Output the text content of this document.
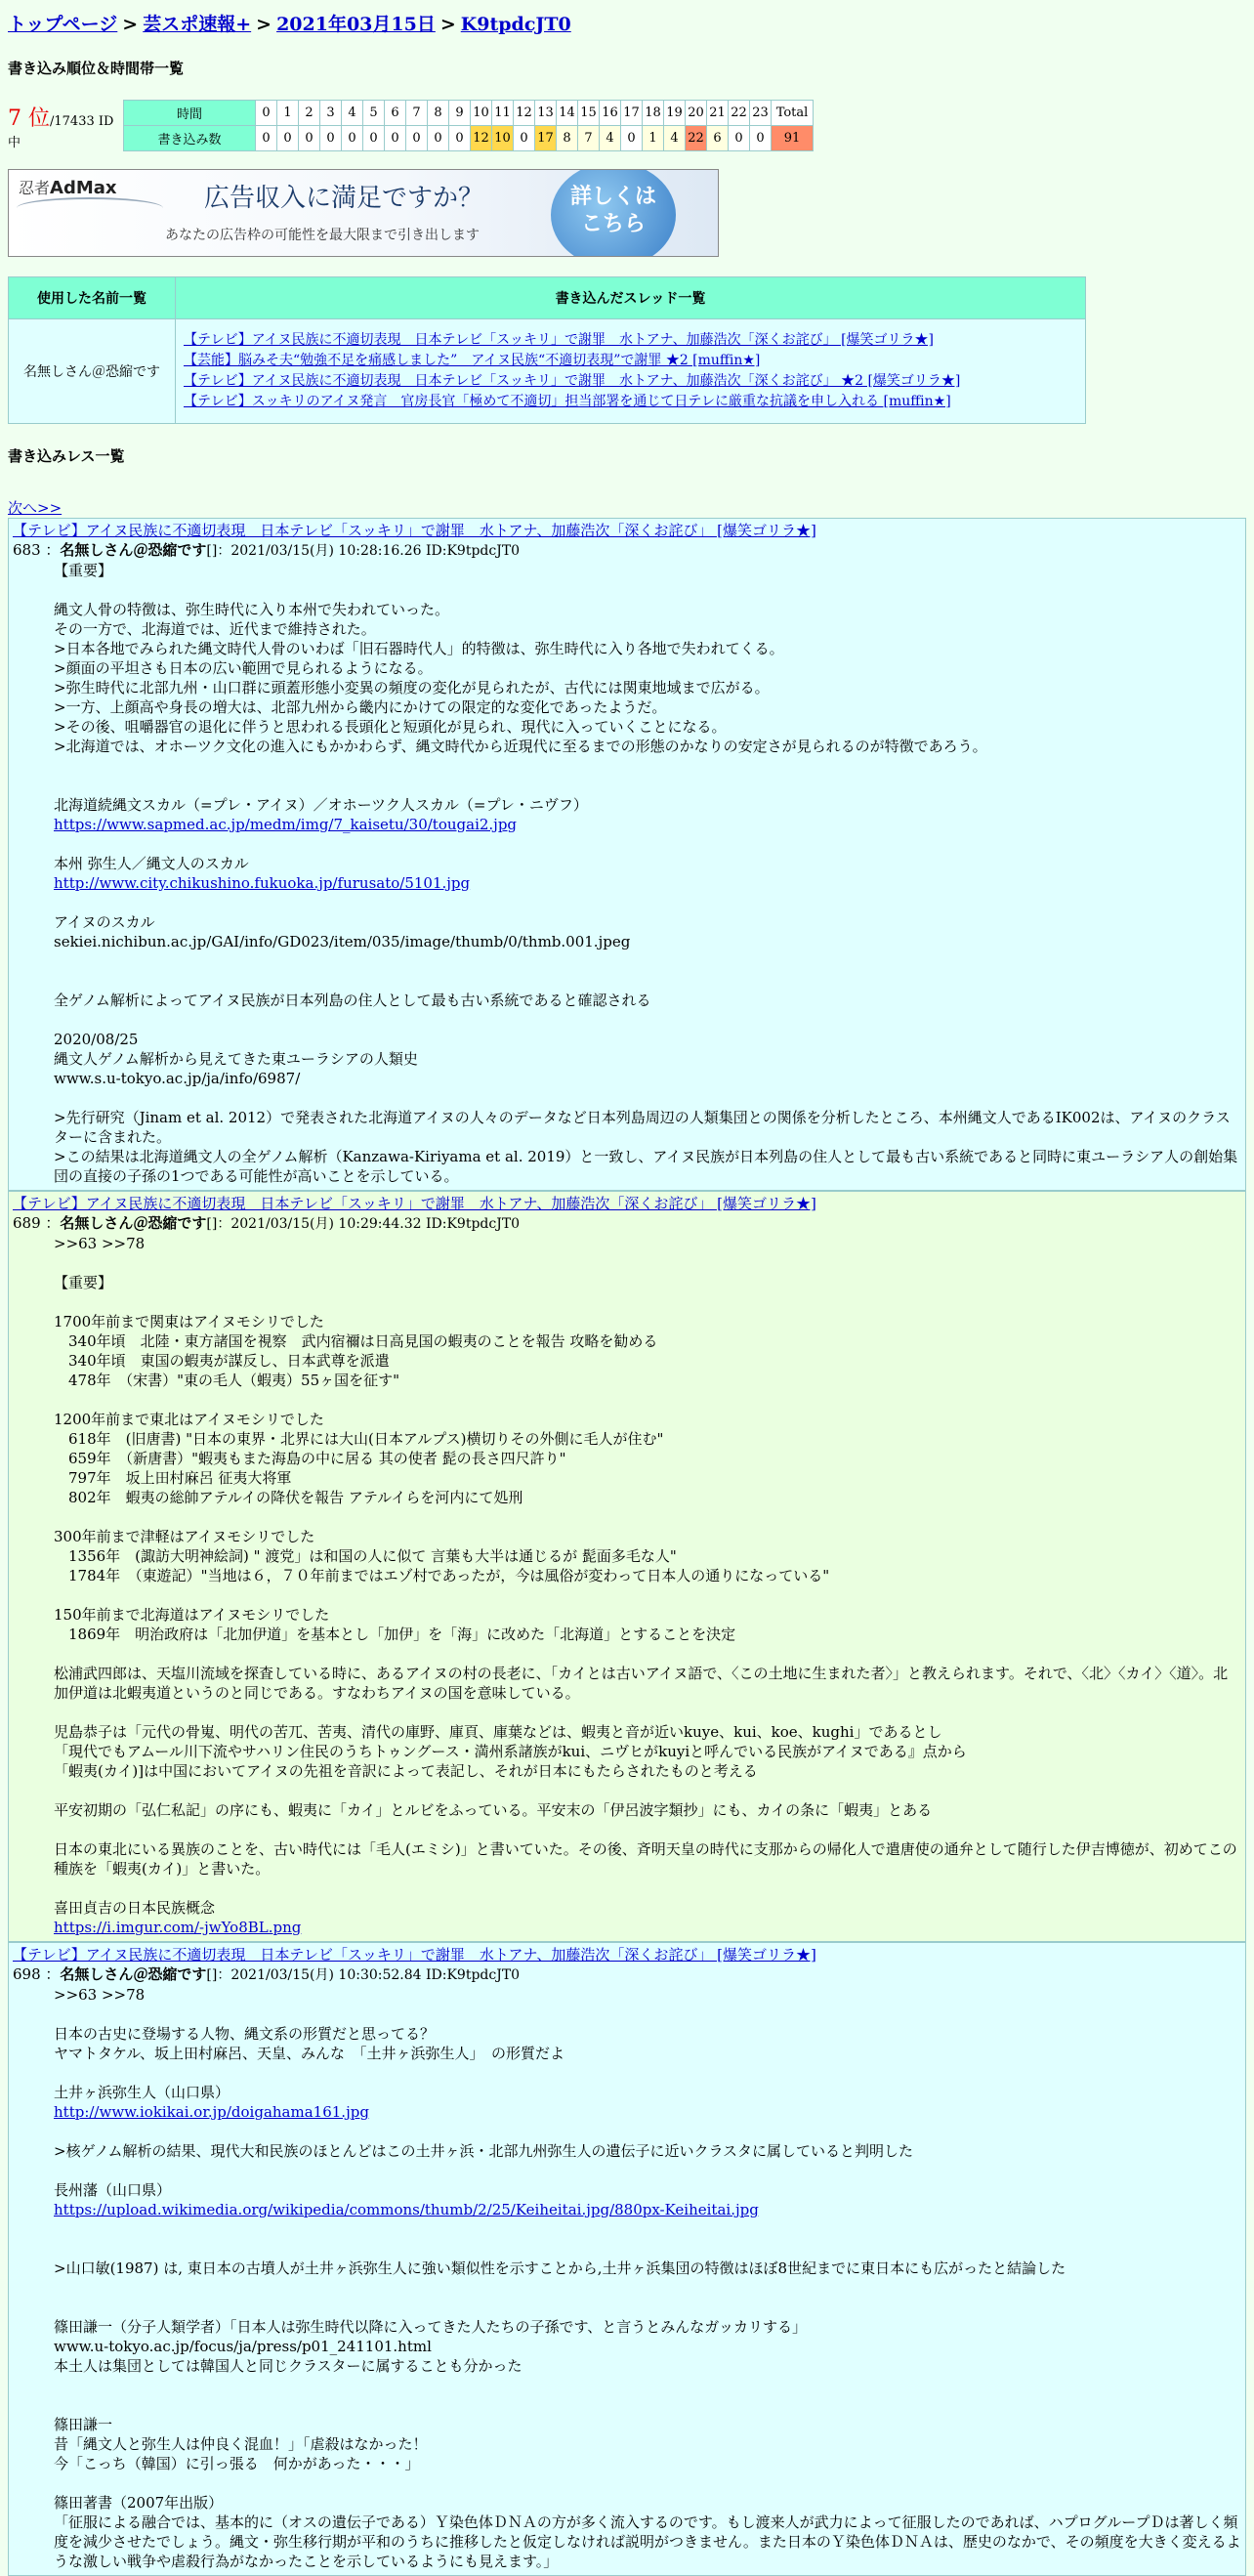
トップページ > 芸スポ速報+ > 2021年03月15日 > K9tpdcJT0
書き込み順位＆時間帯一覧
7 位/17433 ID中	時間	0	1	2	3	4	5	6	7	8	9	10	11	12	13	14	15	16	17	18	19	20	21	22	23	Total
	書き込み数	0	0	0	0	0	0	0	0	0	0	12	10	0	17	8	7	4	0	1	4	22	6	0	0	91
忍者AdMax	広告収入に満足ですか？
あなたの広告枠の可能性を最大限まで引き出します
詳しくは
こちら
使用した名前一覧	書き込んだスレッド一覧
名無しさん＠恐縮です	【テレビ】アイヌ民族に不適切表現　日本テレビ「スッキリ」で謝罪　水トアナ、加藤浩次「深くお詫び」 [爆笑ゴリラ★]
【芸能】脳みそ夫“勉強不足を痛感しました”　アイヌ民族“不適切表現”で謝罪 ★2 [muffin★]
【テレビ】アイヌ民族に不適切表現　日本テレビ「スッキリ」で謝罪　水トアナ、加藤浩次「深くお詫び」 ★2 [爆笑ゴリラ★]
【テレビ】スッキリのアイヌ発言　官房長官「極めて不適切」担当部署を通じて日テレに厳重な抗議を申し入れる [muffin★]
書き込みレス一覧
次へ>>
【テレビ】アイヌ民族に不適切表現　日本テレビ「スッキリ」で謝罪　水トアナ、加藤浩次「深くお詫び」 [爆笑ゴリラ★]
683 ：名無しさん＠恐縮です[]：2021/03/15(月) 10:28:16.26 ID:K9tpdcJT0
【重要】

縄文人骨の特徴は、弥生時代に入り本州で失われていった。
その一方で、北海道では、近代まで維持された。
>日本各地でみられた縄文時代人骨のいわば「旧石器時代人」的特徴は、弥生時代に入り各地で失われてくる。
>顔面の平坦さも日本の広い範囲で見られるようになる。
>弥生時代に北部九州・山口群に頭蓋形態小変異の頻度の変化が見られたが、古代には関東地域まで広がる。
>一方、上顔高や身長の増大は、北部九州から畿内にかけての限定的な変化であったようだ。
>その後、咀嚼器官の退化に伴うと思われる長頭化と短頭化が見られ、現代に入っていくことになる。
>北海道では、オホーツク文化の進入にもかかわらず、縄文時代から近現代に至るまでの形態のかなりの安定さが見られるのが特徴であろう。

北海道続縄文スカル（=プレ・アイヌ）／オホーツク人スカル（=プレ・ニヴフ）
https://www.sapmed.ac.jp/medm/img/7_kaisetu/30/tougai2.jpg

本州 弥生人／縄文人のスカル
http://www.city.chikushino.fukuoka.jp/furusato/5101.jpg

アイヌのスカル
sekiei.nichibun.ac.jp/GAI/info/GD023/item/035/image/thumb/0/thmb.001.jpeg

全ゲノム解析によってアイヌ民族が日本列島の住人として最も古い系統であると確認される

2020/08/25
縄文人ゲノム解析から見えてきた東ユーラシアの人類史
www.s.u-tokyo.ac.jp/ja/info/6987/

>先行研究（Jinam et al. 2012）で発表された北海道アイヌの人々のデータなど日本列島周辺の人類集団との関係を分析したところ、本州縄文人であるIK002は、アイヌのクラスターに含まれた。
>この結果は北海道縄文人の全ゲノム解析（Kanzawa-Kiriyama et al. 2019）と一致し、アイヌ民族が日本列島の住人として最も古い系統であると同時に東ユーラシア人の創始集団の直接の子孫の1つである可能性が高いことを示している。
【テレビ】アイヌ民族に不適切表現　日本テレビ「スッキリ」で謝罪　水トアナ、加藤浩次「深くお詫び」 [爆笑ゴリラ★]
689 ：名無しさん＠恐縮です[]：2021/03/15(月) 10:29:44.32 ID:K9tpdcJT0
>>63 >>78

【重要】

1700年前まで関東はアイヌモシリでした
　340年頃　北陸・東方諸国を視察　武内宿禰は日高見国の蝦夷のことを報告 攻略を勧める
　340年頃　東国の蝦夷が謀反し、日本武尊を派遣
　478年　（宋書）"東の毛人（蝦夷）55ヶ国を征す"

1200年前まで東北はアイヌモシリでした
　618年　(旧唐書) "日本の東界・北界には大山(日本アルプス)横切りその外側に毛人が住む"
　659年　（新唐書）"蝦夷もまた海島の中に居る 其の使者 髭の長さ四尺許り"
　797年　坂上田村麻呂 征夷大将軍
　802年　蝦夷の総帥アテルイの降伏を報告 アテルイらを河内にて処刑

300年前まで津軽はアイヌモシリでした
　1356年　(諏訪大明神絵詞) " 渡党」は和国の人に似て 言葉も大半は通じるが 髭面多毛な人"
　1784年　（東遊記）"当地は６，７０年前まではエゾ村であったが，今は風俗が変わって日本人の通りになっている"

150年前まで北海道はアイヌモシリでした
　1869年　明治政府は「北加伊道」を基本とし「加伊」を「海」に改めた「北海道」とすることを決定

松浦武四郎は、天塩川流域を探査している時に、あるアイヌの村の長老に、「カイとは古いアイヌ語で、〈この土地に生まれた者〉」と教えられます。それで、〈北〉〈カイ〉〈道〉。北加伊道は北蝦夷道というのと同じである。すなわちアイヌの国を意味している。

児島恭子は「元代の骨嵬、明代の苦兀、苦夷、清代の庫野、庫頁、庫葉などは、蝦夷と音が近いkuye、kui、koe、kughi」であるとし
「現代でもアムール川下流やサハリン住民のうちトゥングース・満州系諸族がkui、ニヴヒがkuyiと呼んでいる民族がアイヌである』点から
「蝦夷(カイ)]は中国においてアイヌの先祖を音訳によって表記し、それが日本にもたらされたものと考える

平安初期の「弘仁私記」の序にも、蝦夷に「カイ」とルビをふっている。平安末の「伊呂波字類抄」にも、カイの条に「蝦夷」とある

日本の東北にいる異族のことを、古い時代には「毛人(エミシ)」と書いていた。その後、斉明天皇の時代に支那からの帰化人で遣唐使の通弁として随行した伊吉博徳が、初めてこの種族を「蝦夷(カイ)」と書いた。

喜田貞吉の日本民族概念
https://i.imgur.com/-jwYo8BL.png
【テレビ】アイヌ民族に不適切表現　日本テレビ「スッキリ」で謝罪　水トアナ、加藤浩次「深くお詫び」 [爆笑ゴリラ★]
698 ：名無しさん＠恐縮です[]：2021/03/15(月) 10:30:52.84 ID:K9tpdcJT0
>>63 >>78

日本の古史に登場する人物、縄文系の形質だと思ってる？
ヤマトタケル、坂上田村麻呂、天皇、みんな　「土井ヶ浜弥生人」　の形質だよ

土井ヶ浜弥生人（山口県）
http://www.iokikai.or.jp/doigahama161.jpg

>核ゲノム解析の結果、現代大和民族のほとんどはこの土井ヶ浜・北部九州弥生人の遺伝子に近いクラスタに属していると判明した

長州藩（山口県）
https://upload.wikimedia.org/wikipedia/commons/thumb/2/25/Keiheitai.jpg/880px-Keiheitai.jpg

>山口敏(1987) は, 東日本の古墳人が土井ヶ浜弥生人に強い類似性を示すことから,土井ヶ浜集団の特徴はほぼ8世紀までに東日本にも広がったと結論した

篠田謙一（分子人類学者）「日本人は弥生時代以降に入ってきた人たちの子孫です、と言うとみんなガッカリする」
www.u-tokyo.ac.jp/focus/ja/press/p01_241101.html
本土人は集団としては韓国人と同じクラスターに属することも分かった

篠田謙一
昔「縄文人と弥生人は仲良く混血！」「虐殺はなかった！
今「こっち（韓国）に引っ張る　何かがあった・・・」

篠田著書（2007年出版）
「征服による融合では、基本的に（オスの遺伝子である）Ｙ染色体ＤＮＡの方が多く流入するのです。もし渡来人が武力によって征服したのであれば、ハプログループＤは著しく頻度を減少させたでしょう。縄文・弥生移行期が平和のうちに推移したと仮定しなければ説明がつきません。また日本のＹ染色体ＤＮＡは、歴史のなかで、その頻度を大きく変えるような激しい戦争や虐殺行為がなかったことを示しているようにも見えます。」
